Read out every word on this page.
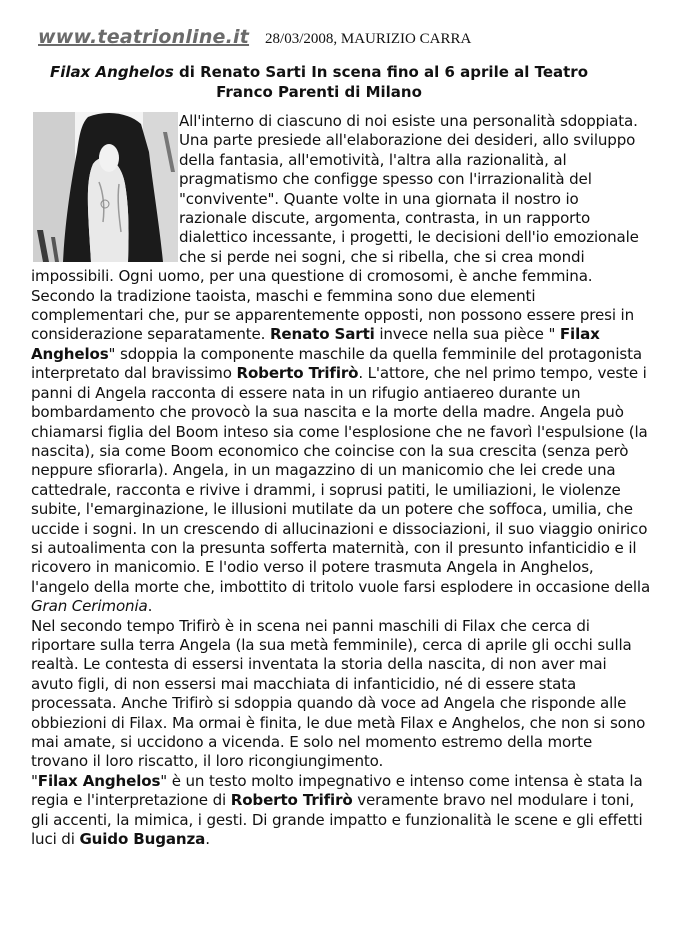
www.teatrionline.it 28/03/2008, MAURIZIO CARRA
Filax Anghelos di Renato Sarti In scena fino al 6 aprile al Teatro
Franco Parenti di Milano

All'interno di ciascuno di noi esiste una personalità sdoppiata. Una parte presiede all'elaborazione dei desideri, allo sviluppo della fantasia, all'emotività, l'altra alla razionalità, al pragmatismo che configge spesso con l'irrazionalità del "convivente". Quante volte in una giornata il nostro io razionale discute, argomenta, contrasta, in un rapporto dialettico incessante, i progetti, le decisioni dell'io emozionale che si perde nei sogni, che si ribella, che si crea mondi impossibili. Ogni uomo, per una questione di cromosomi, è anche femmina.

Secondo la tradizione taoista, maschi e femmina sono due elementi complementari che, pur se apparentemente opposti, non possono essere presi in considerazione separatamente. Renato Sarti invece nella sua pièce " Filax Anghelos" sdoppia la componente maschile da quella femminile del protagonista interpretato dal bravissimo Roberto Trifirò. L'attore, che nel primo tempo, veste i panni di Angela racconta di essere nata in un rifugio antiaereo durante un bombardamento che provocò la sua nascita e la morte della madre. Angela può chiamarsi figlia del Boom inteso sia come l'esplosione che ne favorì l'espulsione (la nascita), sia come Boom economico che coincise con la sua crescita (senza però neppure sfiorarla). Angela, in un magazzino di un manicomio che lei crede una cattedrale, racconta e rivive i drammi, i soprusi patiti, le umiliazioni, le violenze subite, l'emarginazione, le illusioni mutilate da un potere che soffoca, umilia, che uccide i sogni. In un crescendo di allucinazioni e dissociazioni, il suo viaggio onirico si autoalimenta con la presunta sofferta maternità, con il presunto infanticidio e il ricovero in manicomio. E l'odio verso il potere trasmuta Angela in Anghelos, l'angelo della morte che, imbottito di tritolo vuole farsi esplodere in occasione della Gran Cerimonia.

Nel secondo tempo Trifirò è in scena nei panni maschili di Filax che cerca di riportare sulla terra Angela (la sua metà femminile), cerca di aprile gli occhi sulla realtà. Le contesta di essersi inventata la storia della nascita, di non aver mai avuto figli, di non essersi mai macchiata di infanticidio, né di essere stata processata. Anche Trifirò si sdoppia quando dà voce ad Angela che risponde alle obbiezioni di Filax. Ma ormai è finita, le due metà Filax e Anghelos, che non si sono mai amate, si uccidono a vicenda. E solo nel momento estremo della morte trovano il loro riscatto, il loro ricongiungimento.

"Filax Anghelos" è un testo molto impegnativo e intenso come intensa è stata la regia e l'interpretazione di Roberto Trifirò veramente bravo nel modulare i toni, gli accenti, la mimica, i gesti. Di grande impatto e funzionalità le scene e gli effetti luci di Guido Buganza.
